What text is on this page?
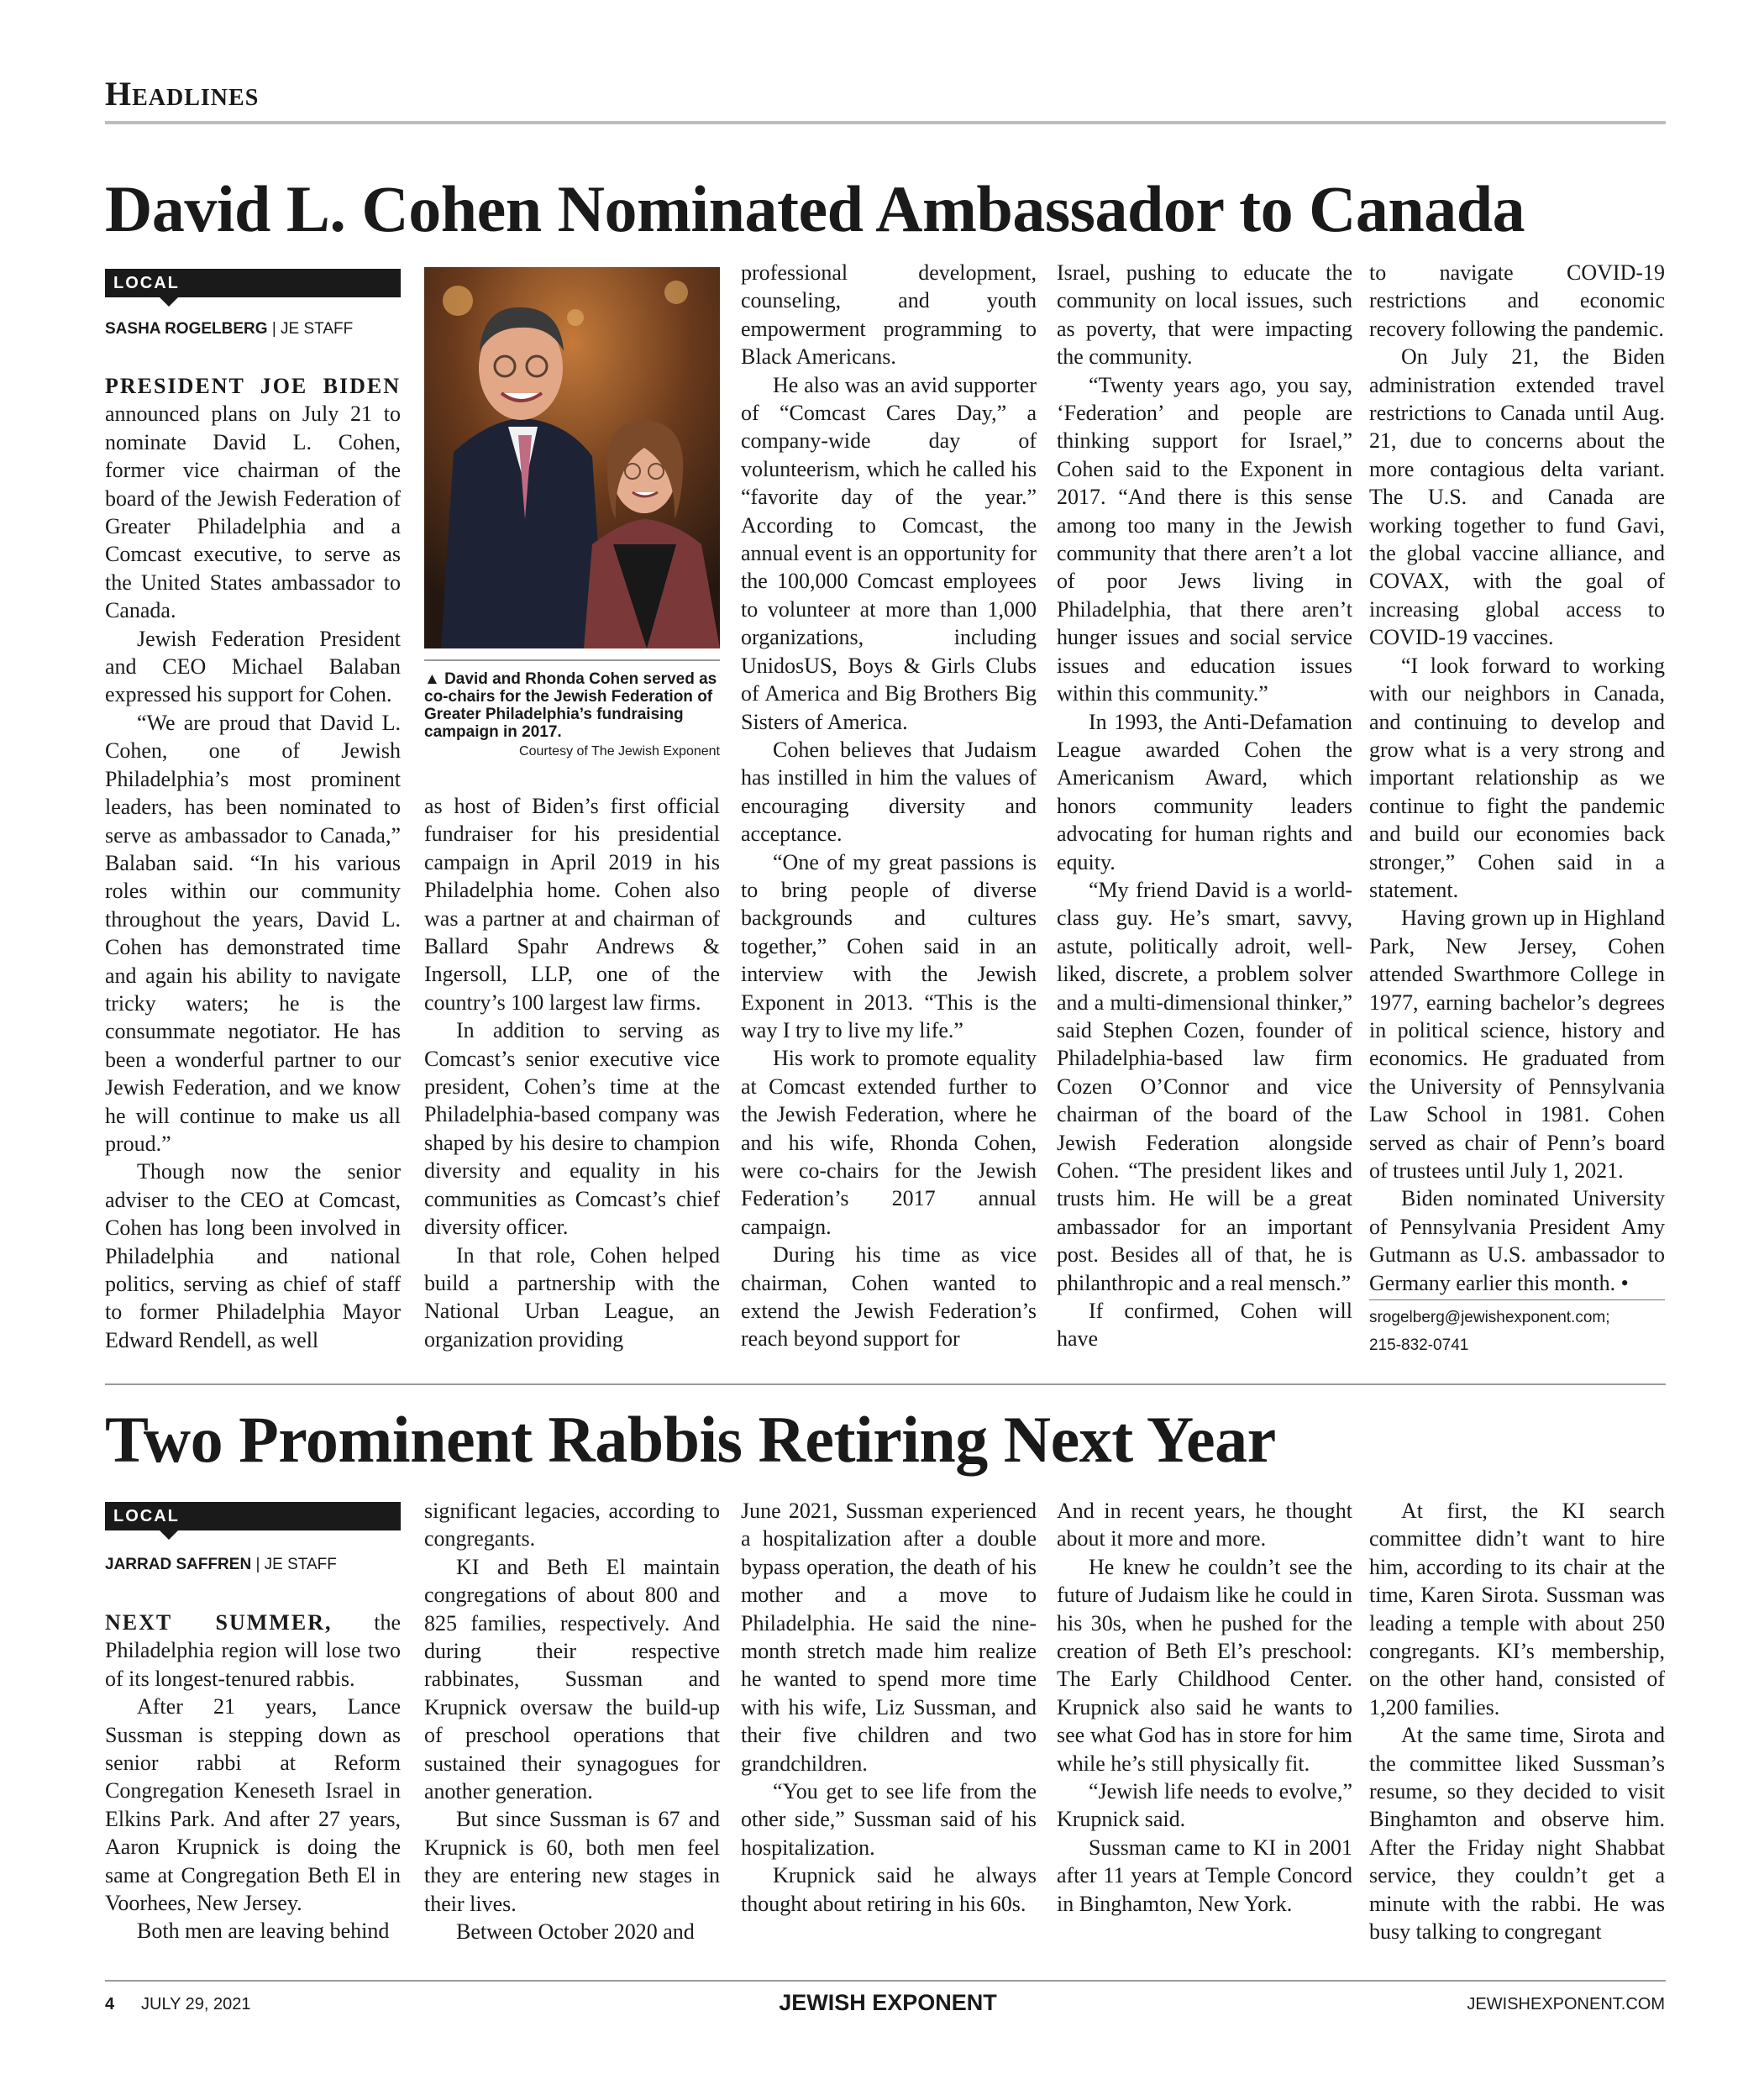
Headlines
David L. Cohen Nominated Ambassador to Canada
LOCAL
SASHA ROGELBERG | JE STAFF

PRESIDENT JOE BIDEN announced plans on July 21 to nominate David L. Cohen, former vice chairman of the board of the Jewish Federation of Greater Philadelphia and a Comcast executive, to serve as the United States ambassador to Canada.

Jewish Federation President and CEO Michael Balaban expressed his support for Cohen.

“We are proud that David L. Cohen, one of Jewish Philadelphia’s most prominent leaders, has been nominated to serve as ambassador to Canada,” Balaban said. “In his various roles within our community throughout the years, David L. Cohen has demonstrated time and again his ability to navigate tricky waters; he is the consummate negotiator. He has been a wonderful partner to our Jewish Federation, and we know he will continue to make us all proud.”

Though now the senior adviser to the CEO at Comcast, Cohen has long been involved in Philadelphia and national politics, serving as chief of staff to former Philadelphia Mayor Edward Rendell, as well

▲ David and Rhonda Cohen served as co-chairs for the Jewish Federation of Greater Philadelphia’s fundraising campaign in 2017.
Courtesy of The Jewish Exponent

as host of Biden’s first official fundraiser for his presidential campaign in April 2019 in his Philadelphia home. Cohen also was a partner at and chairman of Ballard Spahr Andrews & Ingersoll, LLP, one of the country’s 100 largest law firms.

In addition to serving as Comcast’s senior executive vice president, Cohen’s time at the Philadelphia-based company was shaped by his desire to champion diversity and equality in his communities as Comcast’s chief diversity officer.

In that role, Cohen helped build a partnership with the National Urban League, an organization providing

professional development, counseling, and youth empowerment programming to Black Americans.

He also was an avid supporter of “Comcast Cares Day,” a company-wide day of volunteerism, which he called his “favorite day of the year.” According to Comcast, the annual event is an opportunity for the 100,000 Comcast employees to volunteer at more than 1,000 organizations, including UnidosUS, Boys & Girls Clubs of America and Big Brothers Big Sisters of America.

Cohen believes that Judaism has instilled in him the values of encouraging diversity and acceptance.

“One of my great passions is to bring people of diverse backgrounds and cultures together,” Cohen said in an interview with the Jewish Exponent in 2013. “This is the way I try to live my life.”

His work to promote equality at Comcast extended further to the Jewish Federation, where he and his wife, Rhonda Cohen, were co-chairs for the Jewish Federation’s 2017 annual campaign.

During his time as vice chairman, Cohen wanted to extend the Jewish Federation’s reach beyond support for

Israel, pushing to educate the community on local issues, such as poverty, that were impacting the community.

“Twenty years ago, you say, ‘Federation’ and people are thinking support for Israel,” Cohen said to the Exponent in 2017. “And there is this sense among too many in the Jewish community that there aren’t a lot of poor Jews living in Philadelphia, that there aren’t hunger issues and social service issues and education issues within this community.”

In 1993, the Anti-Defamation League awarded Cohen the Americanism Award, which honors community leaders advocating for human rights and equity.

“My friend David is a world-class guy. He’s smart, savvy, astute, politically adroit, well-liked, discrete, a problem solver and a multi-dimensional thinker,” said Stephen Cozen, founder of Philadelphia-based law firm Cozen O’Connor and vice chairman of the board of the Jewish Federation alongside Cohen. “The president likes and trusts him. He will be a great ambassador for an important post. Besides all of that, he is philanthropic and a real mensch.”

If confirmed, Cohen will have

to navigate COVID-19 restrictions and economic recovery following the pandemic.

On July 21, the Biden administration extended travel restrictions to Canada until Aug. 21, due to concerns about the more contagious delta variant. The U.S. and Canada are working together to fund Gavi, the global vaccine alliance, and COVAX, with the goal of increasing global access to COVID-19 vaccines.

“I look forward to working with our neighbors in Canada, and continuing to develop and grow what is a very strong and important relationship as we continue to fight the pandemic and build our economies back stronger,” Cohen said in a statement.

Having grown up in Highland Park, New Jersey, Cohen attended Swarthmore College in 1977, earning bachelor’s degrees in political science, history and economics. He graduated from the University of Pennsylvania Law School in 1981. Cohen served as chair of Penn’s board of trustees until July 1, 2021.

Biden nominated University of Pennsylvania President Amy Gutmann as U.S. ambassador to Germany earlier this month. •

srogelberg@jewishexponent.com;
215-832-0741
Two Prominent Rabbis Retiring Next Year
LOCAL
JARRAD SAFFREN | JE STAFF

NEXT SUMMER, the Philadelphia region will lose two of its longest-tenured rabbis.

After 21 years, Lance Sussman is stepping down as senior rabbi at Reform Congregation Keneseth Israel in Elkins Park. And after 27 years, Aaron Krupnick is doing the same at Congregation Beth El in Voorhees, New Jersey.

Both men are leaving behind

significant legacies, according to congregants.

KI and Beth El maintain congregations of about 800 and 825 families, respectively. And during their respective rabbinates, Sussman and Krupnick oversaw the build-up of preschool operations that sustained their synagogues for another generation.

But since Sussman is 67 and Krupnick is 60, both men feel they are entering new stages in their lives.

Between October 2020 and

June 2021, Sussman experienced a hospitalization after a double bypass operation, the death of his mother and a move to Philadelphia. He said the nine-month stretch made him realize he wanted to spend more time with his wife, Liz Sussman, and their five children and two grandchildren.

“You get to see life from the other side,” Sussman said of his hospitalization.

Krupnick said he always thought about retiring in his 60s.

And in recent years, he thought about it more and more.

He knew he couldn’t see the future of Judaism like he could in his 30s, when he pushed for the creation of Beth El’s preschool: The Early Childhood Center. Krupnick also said he wants to see what God has in store for him while he’s still physically fit.

“Jewish life needs to evolve,” Krupnick said.

Sussman came to KI in 2001 after 11 years at Temple Concord in Binghamton, New York.

At first, the KI search committee didn’t want to hire him, according to its chair at the time, Karen Sirota. Sussman was leading a temple with about 250 congregants. KI’s membership, on the other hand, consisted of 1,200 families.

At the same time, Sirota and the committee liked Sussman’s resume, so they decided to visit Binghamton and observe him. After the Friday night Shabbat service, they couldn’t get a minute with the rabbi. He was busy talking to congregant

4 JULY 29, 2021	JEWISH EXPONENT	JEWISHEXPONENT.COM
